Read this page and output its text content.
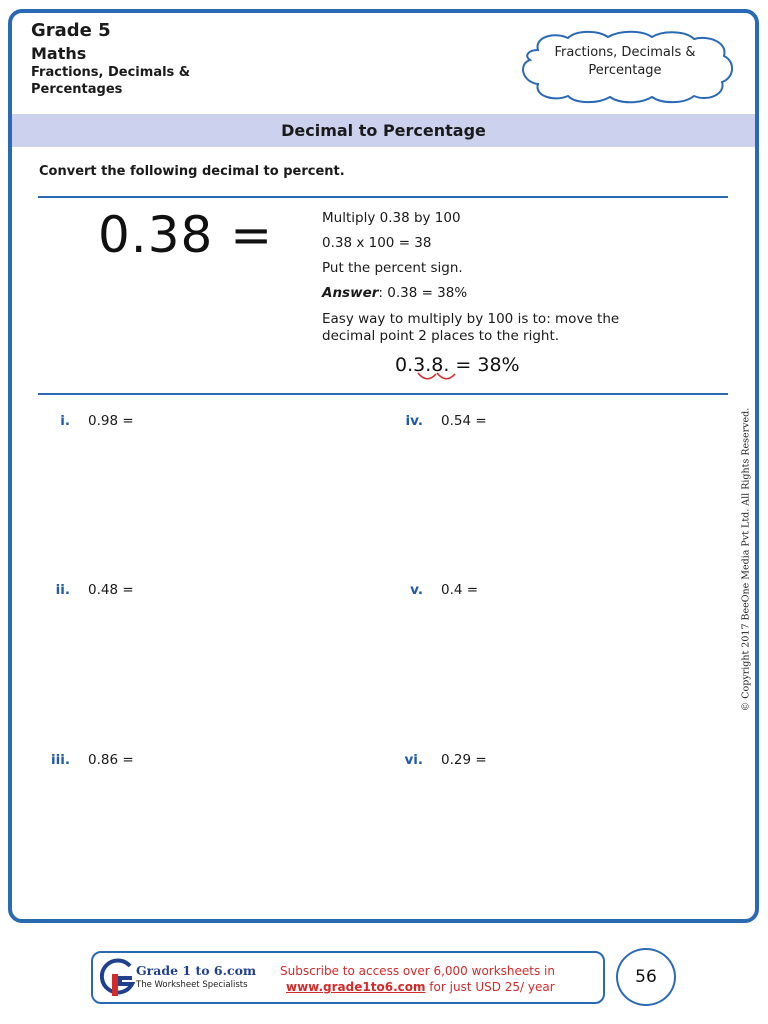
Grade 5
Maths
Fractions, Decimals & Percentages
Fractions, Decimals & Percentage
Decimal to Percentage
Convert the following decimal to percent.
0.38 =	Multiply 0.38 by 100
0.38 x 100 = 38
Put the percent sign.
Answer: 0.38 = 38%
Easy way to multiply by 100 is to: move the decimal point 2 places to the right.
0.3.8. = 38%
i. 0.98 =
ii. 0.48 =
iii. 0.86 =
iv. 0.54 =
v. 0.4 =
vi. 0.29 =
© Copyright 2017 BeeOne Media Pvt Ltd. All Rights Reserved.
Grade 1 to 6.com
The Worksheet Specialists
Subscribe to access over 6,000 worksheets in
www.grade1to6.com for just USD 25/ year	56
